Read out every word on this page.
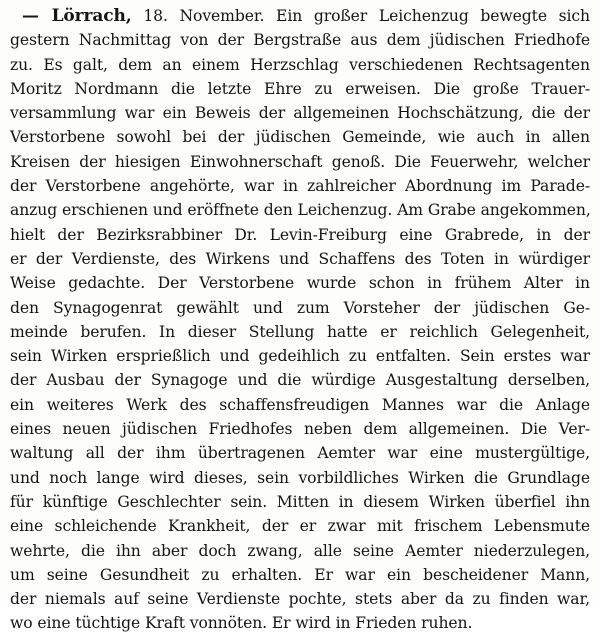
— Lörrach, 18. November. Ein großer Leichenzug bewegte sich
gestern Nachmittag von der Bergstraße aus dem jüdischen Friedhofe
zu. Es galt, dem an einem Herzschlag verschiedenen Rechtsagenten
Moritz Nordmann die letzte Ehre zu erweisen. Die große Trauer-
versammlung war ein Beweis der allgemeinen Hochschätzung, die der
Verstorbene sowohl bei der jüdischen Gemeinde, wie auch in allen
Kreisen der hiesigen Einwohnerschaft genoß. Die Feuerwehr, welcher
der Verstorbene angehörte, war in zahlreicher Abordnung im Parade-
anzug erschienen und eröffnete den Leichenzug. Am Grabe angekommen,
hielt der Bezirksrabbiner Dr. Levin-Freiburg eine Grabrede, in der
er der Verdienste, des Wirkens und Schaffens des Toten in würdiger
Weise gedachte. Der Verstorbene wurde schon in frühem Alter in
den Synagogenrat gewählt und zum Vorsteher der jüdischen Ge-
meinde berufen. In dieser Stellung hatte er reichlich Gelegenheit,
sein Wirken ersprießlich und gedeihlich zu entfalten. Sein erstes war
der Ausbau der Synagoge und die würdige Ausgestaltung derselben,
ein weiteres Werk des schaffensfreudigen Mannes war die Anlage
eines neuen jüdischen Friedhofes neben dem allgemeinen. Die Ver-
waltung all der ihm übertragenen Aemter war eine mustergültige,
und noch lange wird dieses, sein vorbildliches Wirken die Grundlage
für künftige Geschlechter sein. Mitten in diesem Wirken überfiel ihn
eine schleichende Krankheit, der er zwar mit frischem Lebensmute
wehrte, die ihn aber doch zwang, alle seine Aemter niederzulegen,
um seine Gesundheit zu erhalten. Er war ein bescheidener Mann,
der niemals auf seine Verdienste pochte, stets aber da zu finden war,
wo eine tüchtige Kraft vonnöten. Er wird in Frieden ruhen.
